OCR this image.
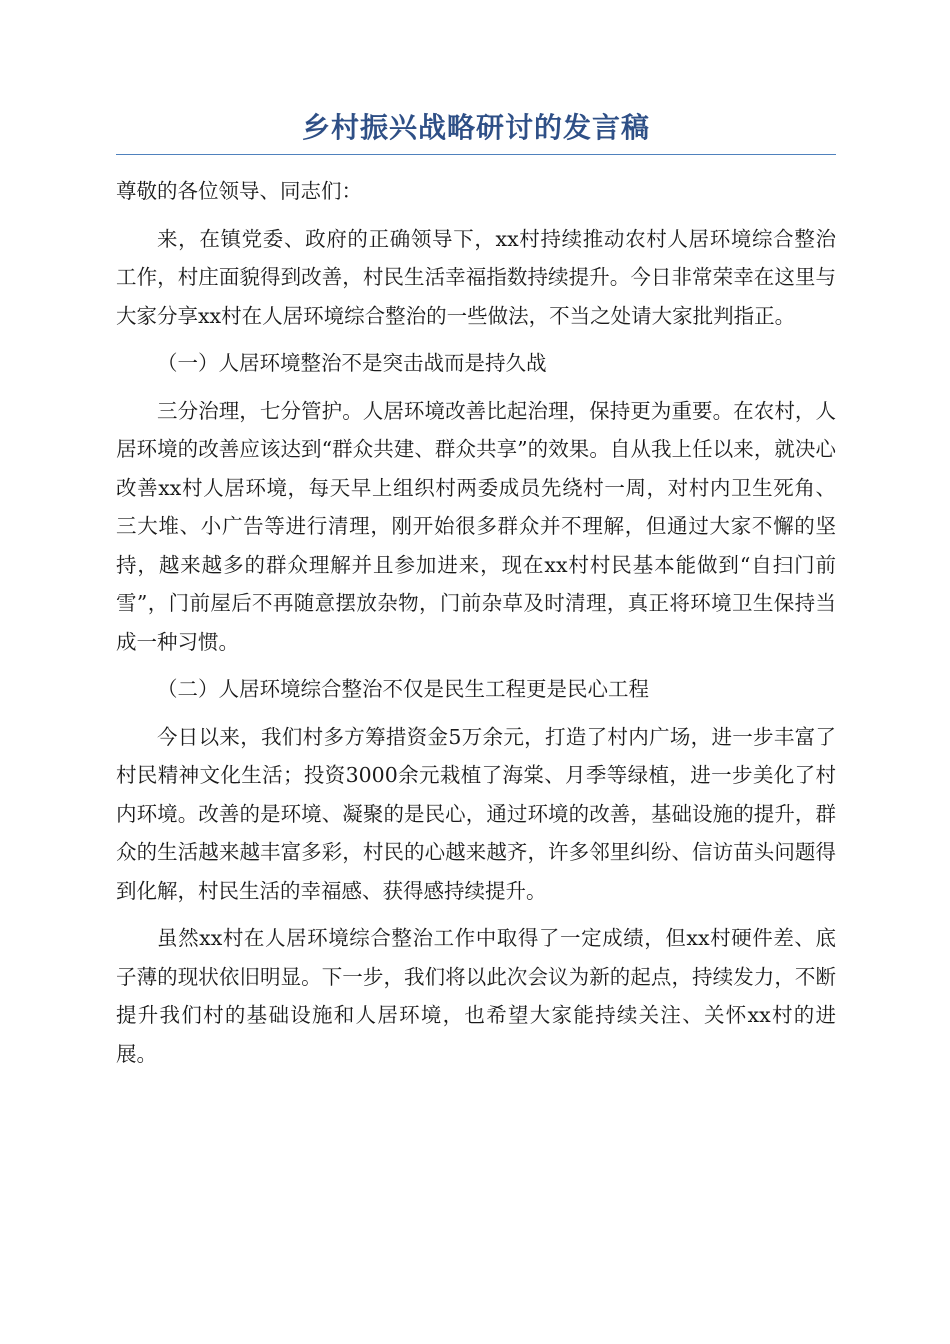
乡村振兴战略研讨的发言稿

尊敬的各位领导、同志们：

来，在镇党委、政府的正确领导下，xx村持续推动农村人居环境综合整治工作，村庄面貌得到改善，村民生活幸福指数持续提升。今日非常荣幸在这里与大家分享xx村在人居环境综合整治的一些做法，不当之处请大家批判指正。

（一）人居环境整治不是突击战而是持久战

三分治理，七分管护。人居环境改善比起治理，保持更为重要。在农村，人居环境的改善应该达到“群众共建、群众共享”的效果。自从我上任以来，就决心改善xx村人居环境，每天早上组织村两委成员先绕村一周，对村内卫生死角、三大堆、小广告等进行清理，刚开始很多群众并不理解，但通过大家不懈的坚持，越来越多的群众理解并且参加进来，现在xx村村民基本能做到“自扫门前雪”，门前屋后不再随意摆放杂物，门前杂草及时清理，真正将环境卫生保持当成一种习惯。

（二）人居环境综合整治不仅是民生工程更是民心工程

今日以来，我们村多方筹措资金5万余元，打造了村内广场，进一步丰富了村民精神文化生活；投资3000余元栽植了海棠、月季等绿植，进一步美化了村内环境。改善的是环境、凝聚的是民心，通过环境的改善，基础设施的提升，群众的生活越来越丰富多彩，村民的心越来越齐，许多邻里纠纷、信访苗头问题得到化解，村民生活的幸福感、获得感持续提升。

虽然xx村在人居环境综合整治工作中取得了一定成绩，但xx村硬件差、底子薄的现状依旧明显。下一步，我们将以此次会议为新的起点，持续发力，不断提升我们村的基础设施和人居环境，也希望大家能持续关注、关怀xx村的进展。
